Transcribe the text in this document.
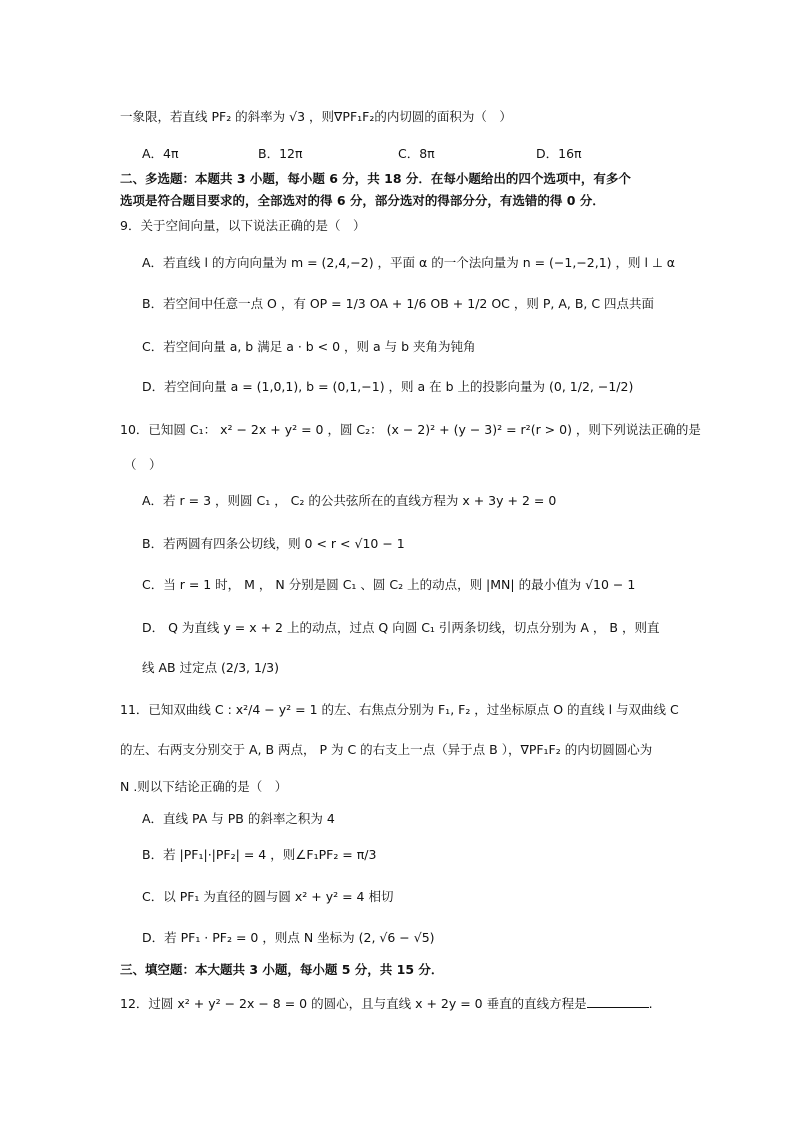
一象限，若直线 PF₂ 的斜率为 √3 ，则∇PF₁F₂的内切圆的面积为（　）
A．4π	B．12π	C．8π	D．16π
二、多选题：本题共 3 小题，每小题 6 分，共 18 分．在每小题给出的四个选项中，有多个
选项是符合题目要求的，全部选对的得 6 分，部分选对的得部分分，有选错的得 0 分．
9．关于空间向量，以下说法正确的是（　）
A．若直线 l 的方向向量为 m = (2,4,−2) ，平面 α 的一个法向量为 n = (−1,−2,1) ，则 l ⊥ α
B．若空间中任意一点 O ，有 OP = 1/3 OA + 1/6 OB + 1/2 OC ，则 P, A, B, C 四点共面
C．若空间向量 a, b 满足 a · b < 0 ，则 a 与 b 夹角为钝角
D．若空间向量 a = (1,0,1), b = (0,1,−1) ，则 a 在 b 上的投影向量为 (0, 1/2, −1/2)
10．已知圆 C₁： x² − 2x + y² = 0 ，圆 C₂： (x − 2)² + (y − 3)² = r²(r > 0) ，则下列说法正确的是
（　）
A．若 r = 3 ，则圆 C₁ ， C₂ 的公共弦所在的直线方程为 x + 3y + 2 = 0
B．若两圆有四条公切线，则 0 < r < √10 − 1
C．当 r = 1 时， M ， N 分别是圆 C₁ 、圆 C₂ 上的动点，则 |MN| 的最小值为 √10 − 1
D． Q 为直线 y = x + 2 上的动点，过点 Q 向圆 C₁ 引两条切线，切点分别为 A ， B ，则直
线 AB 过定点 (2/3, 1/3)
11．已知双曲线 C : x²/4 − y² = 1 的左、右焦点分别为 F₁, F₂ ，过坐标原点 O 的直线 l 与双曲线 C
的左、右两支分别交于 A, B 两点， P 为 C 的右支上一点（异于点 B ），∇PF₁F₂ 的内切圆圆心为
N .则以下结论正确的是（　）
A．直线 PA 与 PB 的斜率之积为 4
B．若 |PF₁|·|PF₂| = 4 ，则∠F₁PF₂ = π/3
C．以 PF₁ 为直径的圆与圆 x² + y² = 4 相切
D．若 PF₁ · PF₂ = 0 ，则点 N 坐标为 (2, √6 − √5)
三、填空题：本大题共 3 小题，每小题 5 分，共 15 分．
12．过圆 x² + y² − 2x − 8 = 0 的圆心，且与直线 x + 2y = 0 垂直的直线方程是	.
